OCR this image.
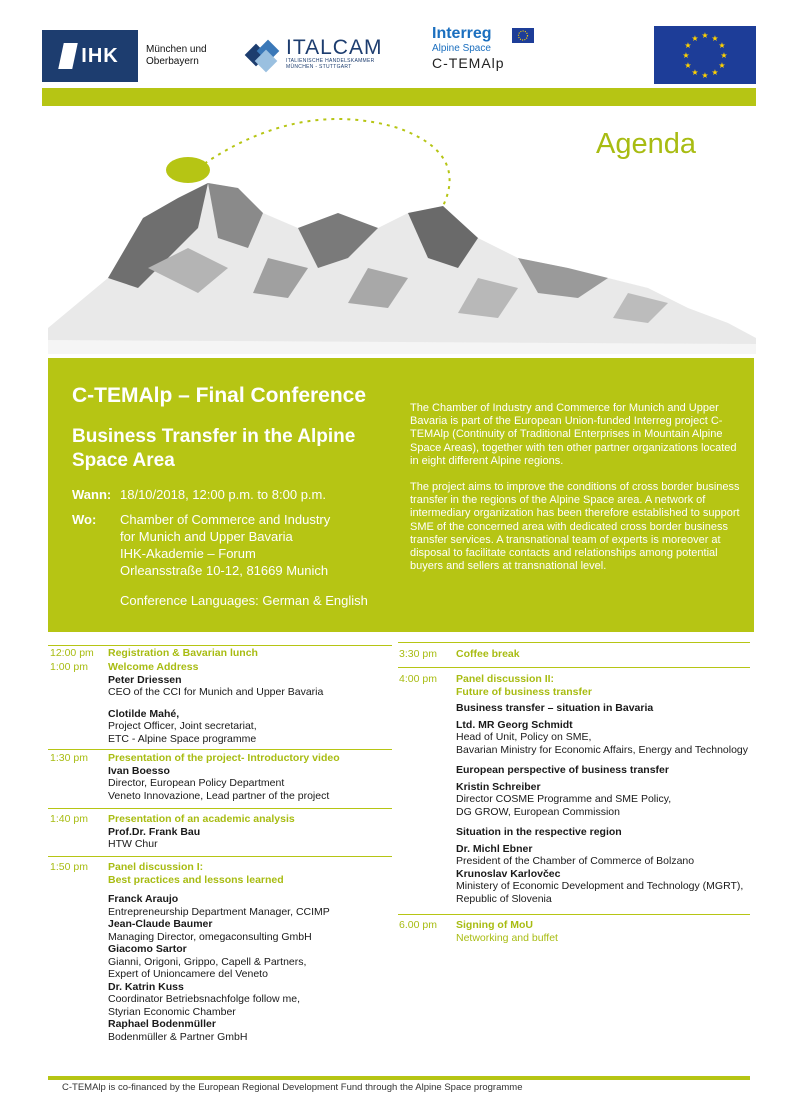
IHK	München und
Oberbayern
ITALCAM
ITALIENISCHE HANDELSKAMMER
MÜNCHEN - STUTTGART
Interreg
Alpine Space
C-TEMAlp
★ ★
★
★
★
★
★
★
★
★
★
★
Agenda
C-TEMAlp – Final Conference
Business Transfer in the Alpine Space Area
Wann: 18/10/2018, 12:00 p.m. to 8:00 p.m.
Wo: Chamber of Commerce and Industry
for Munich and Upper Bavaria
IHK-Akademie – Forum
Orleansstraße 10-12, 81669 Munich
Conference Languages: German & English

The Chamber of Industry and Commerce for Munich and Upper Bavaria is part of the European Union-funded Interreg project C-TEMAlp (Continuity of Traditional Enterprises in Mountain Alpine Space Areas), together with ten other partner organizations located in eight different Alpine regions.

The project aims to improve the conditions of cross border business transfer in the regions of the Alpine Space area. A network of intermediary organization has been therefore established to support SME of the concerned area with dedicated cross border business transfer services. A transnational team of experts is moreover at disposal to facilitate contacts and relationships among potential buyers and sellers at transnational level.

12:00 pm Registration & Bavarian lunch
1:00 pm Welcome Address
Peter Driessen
CEO of the CCI for Munich and Upper Bavaria
Clotilde Mahé,
Project Officer, Joint secretariat,
ETC - Alpine Space programme
1:30 pm Presentation of the project- Introductory video
Ivan Boesso
Director, European Policy Department
Veneto Innovazione, Lead partner of the project
1:40 pm Presentation of an academic analysis
Prof.Dr. Frank Bau
HTW Chur
1:50 pm Panel discussion I:
Best practices and lessons learned
Franck Araujo
Entrepreneurship Department Manager, CCIMP
Jean-Claude Baumer
Managing Director, omegaconsulting GmbH
Giacomo Sartor
Gianni, Origoni, Grippo, Capell & Partners,
Expert of Unioncamere del Veneto
Dr. Katrin Kuss
Coordinator Betriebsnachfolge follow me,
Styrian Economic Chamber
Raphael Bodenmüller
Bodenmüller & Partner GmbH
3:30 pm Coffee break
4:00 pm Panel discussion II:
Future of business transfer
Business transfer – situation in Bavaria
Ltd. MR Georg Schmidt
Head of Unit, Policy on SME,
Bavarian Ministry for Economic Affairs, Energy and Technology
European perspective of business transfer
Kristin Schreiber
Director COSME Programme and SME Policy,
DG GROW, European Commission
Situation in the respective region
Dr. Michl Ebner
President of the Chamber of Commerce of Bolzano
Krunoslav Karlovčec
Ministery of Economic Development and Technology (MGRT),
Republic of Slovenia
6.00 pm Signing of MoU
Networking and buffet
C-TEMAlp is co-financed by the European Regional Development Fund through the Alpine Space programme
